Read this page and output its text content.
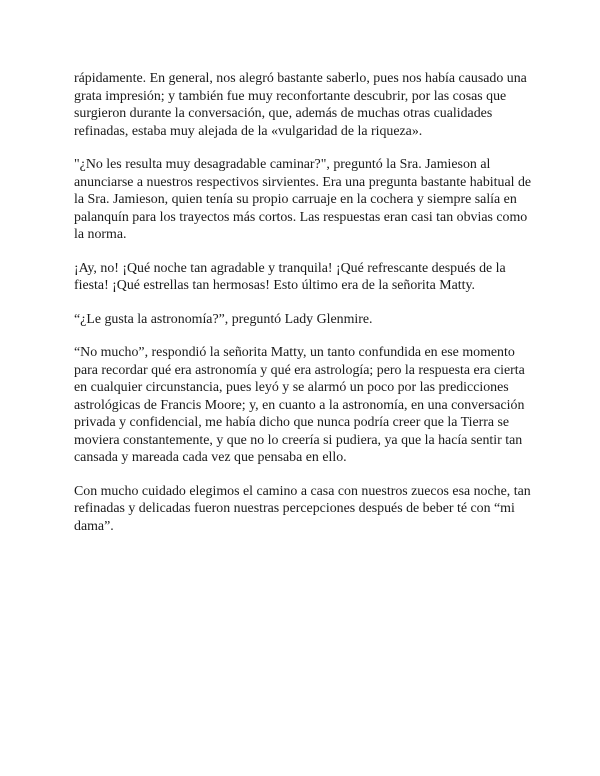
rápidamente. En general, nos alegró bastante saberlo, pues nos había causado una grata impresión; y también fue muy reconfortante descubrir, por las cosas que surgieron durante la conversación, que, además de muchas otras cualidades refinadas, estaba muy alejada de la «vulgaridad de la riqueza».

"¿No les resulta muy desagradable caminar?", preguntó la Sra. Jamieson al anunciarse a nuestros respectivos sirvientes. Era una pregunta bastante habitual de la Sra. Jamieson, quien tenía su propio carruaje en la cochera y siempre salía en palanquín para los trayectos más cortos. Las respuestas eran casi tan obvias como la norma.

¡Ay, no! ¡Qué noche tan agradable y tranquila! ¡Qué refrescante después de la fiesta! ¡Qué estrellas tan hermosas! Esto último era de la señorita Matty.

“¿Le gusta la astronomía?”, preguntó Lady Glenmire.

“No mucho”, respondió la señorita Matty, un tanto confundida en ese momento para recordar qué era astronomía y qué era astrología; pero la respuesta era cierta en cualquier circunstancia, pues leyó y se alarmó un poco por las predicciones astrológicas de Francis Moore; y, en cuanto a la astronomía, en una conversación privada y confidencial, me había dicho que nunca podría creer que la Tierra se moviera constantemente, y que no lo creería si pudiera, ya que la hacía sentir tan cansada y mareada cada vez que pensaba en ello.

Con mucho cuidado elegimos el camino a casa con nuestros zuecos esa noche, tan refinadas y delicadas fueron nuestras percepciones después de beber té con “mi dama”.
